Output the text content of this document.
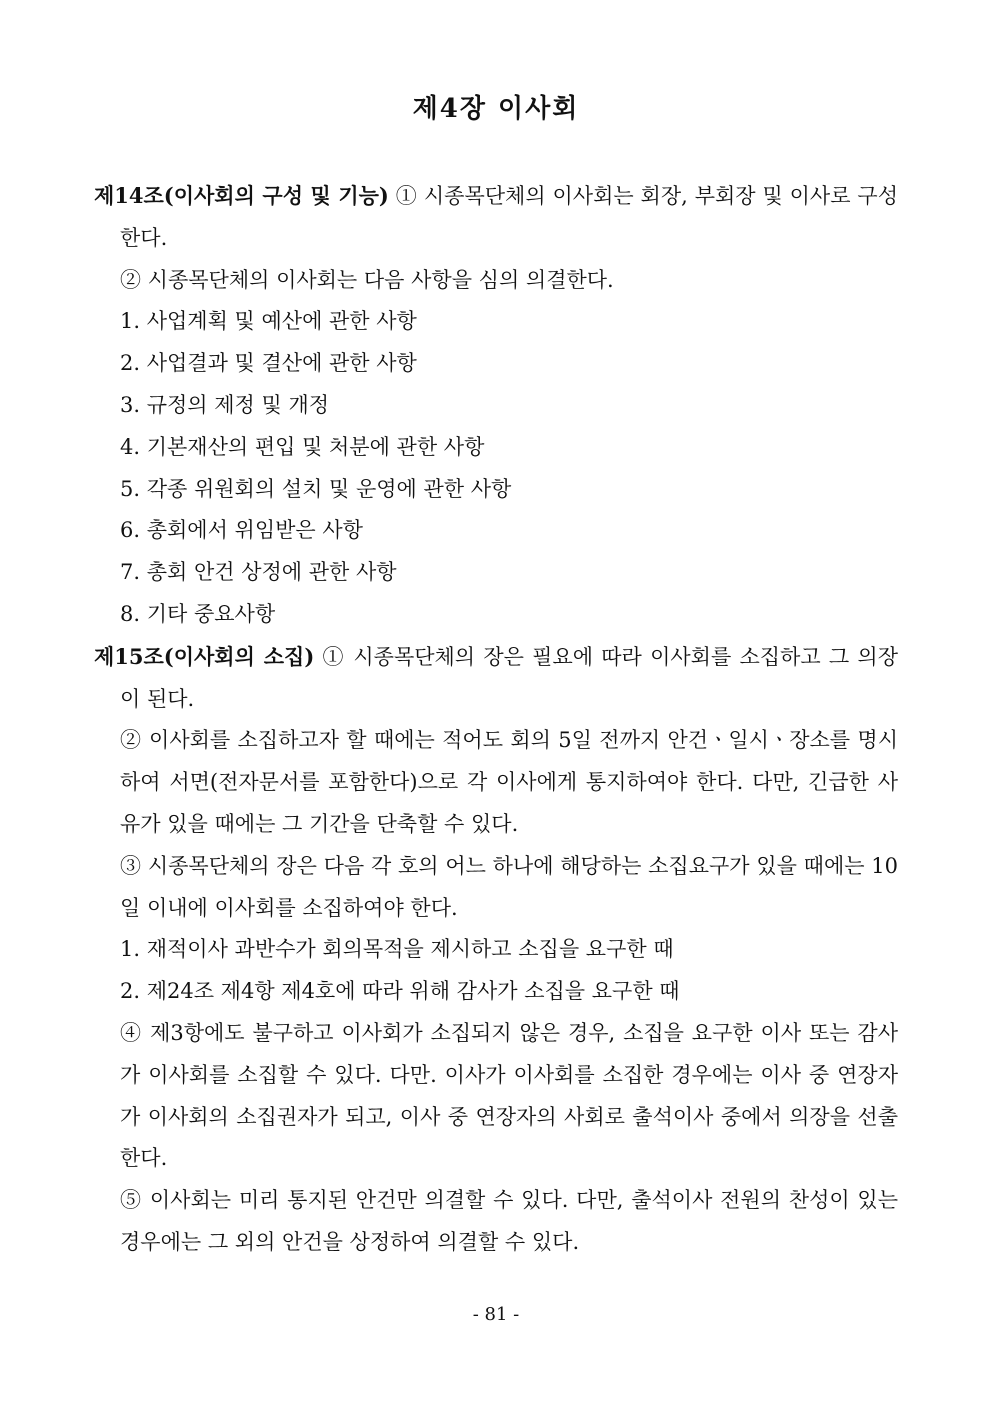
제4장 이사회

제14조(이사회의 구성 및 기능) ① 시종목단체의 이사회는 회장, 부회장 및 이사로 구성한다.

② 시종목단체의 이사회는 다음 사항을 심의 의결한다.

1. 사업계획 및 예산에 관한 사항

2. 사업결과 및 결산에 관한 사항

3. 규정의 제정 및 개정

4. 기본재산의 편입 및 처분에 관한 사항

5. 각종 위원회의 설치 및 운영에 관한 사항

6. 총회에서 위임받은 사항

7. 총회 안건 상정에 관한 사항

8. 기타 중요사항

제15조(이사회의 소집) ① 시종목단체의 장은 필요에 따라 이사회를 소집하고 그 의장이 된다.

② 이사회를 소집하고자 할 때에는 적어도 회의 5일 전까지 안건ㆍ일시ㆍ장소를 명시하여 서면(전자문서를 포함한다)으로 각 이사에게 통지하여야 한다. 다만, 긴급한 사유가 있을 때에는 그 기간을 단축할 수 있다.

③ 시종목단체의 장은 다음 각 호의 어느 하나에 해당하는 소집요구가 있을 때에는 10일 이내에 이사회를 소집하여야 한다.

1. 재적이사 과반수가 회의목적을 제시하고 소집을 요구한 때

2. 제24조 제4항 제4호에 따라 위해 감사가 소집을 요구한 때

④ 제3항에도 불구하고 이사회가 소집되지 않은 경우, 소집을 요구한 이사 또는 감사가 이사회를 소집할 수 있다. 다만. 이사가 이사회를 소집한 경우에는 이사 중 연장자가 이사회의 소집권자가 되고, 이사 중 연장자의 사회로 출석이사 중에서 의장을 선출한다.

⑤ 이사회는 미리 통지된 안건만 의결할 수 있다. 다만, 출석이사 전원의 찬성이 있는 경우에는 그 외의 안건을 상정하여 의결할 수 있다.

- 81 -
